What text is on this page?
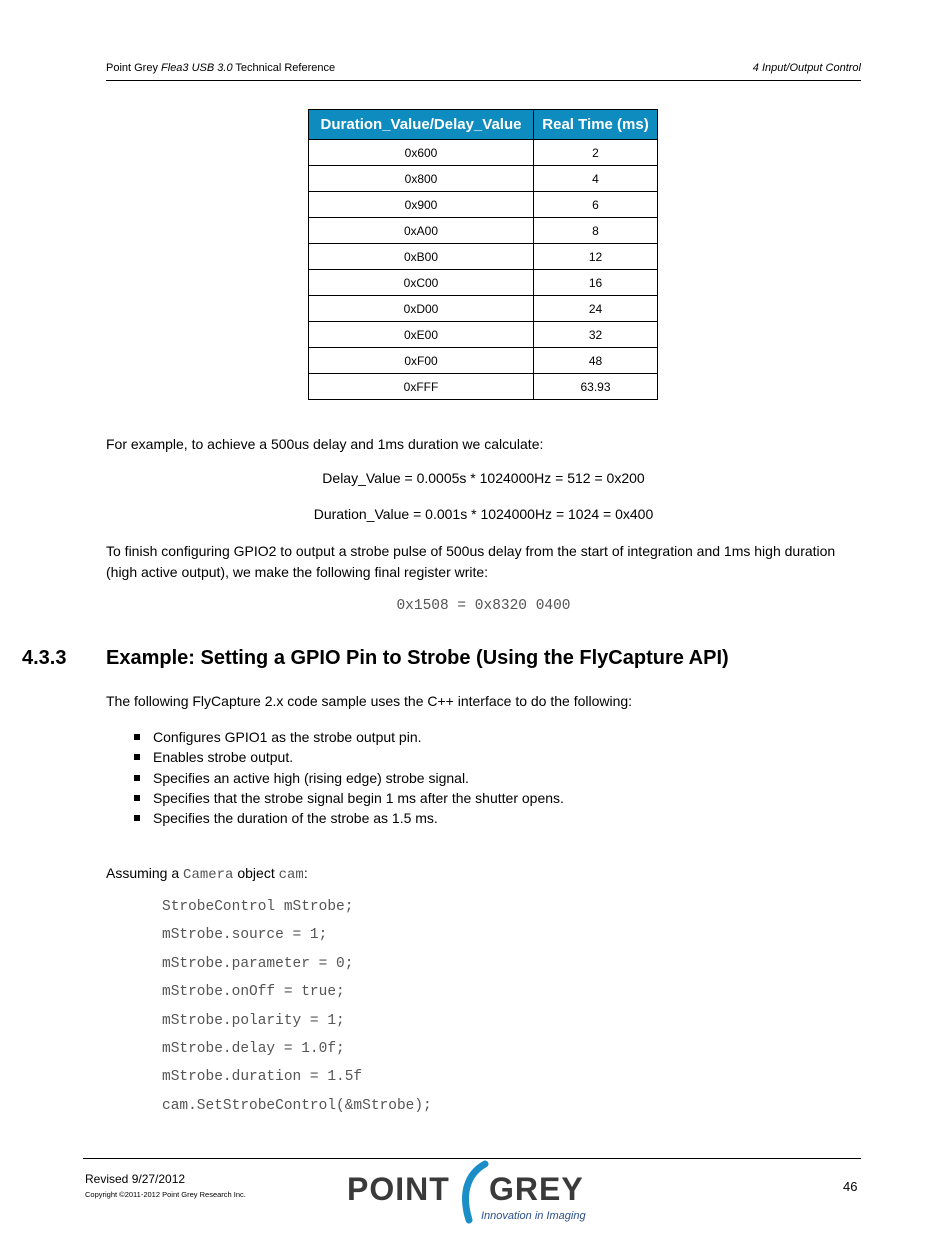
Point Grey Flea3 USB 3.0 Technical Reference	4 Input/Output Control
Duration_Value/Delay_Value	Real Time (ms)
0x600	2
0x800	4
0x900	6
0xA00	8
0xB00	12
0xC00	16
0xD00	24
0xE00	32
0xF00	48
0xFFF	63.93
For example, to achieve a 500us delay and 1ms duration we calculate:
Delay_Value = 0.0005s * 1024000Hz = 512 = 0x200
Duration_Value = 0.001s * 1024000Hz = 1024 = 0x400
To finish configuring GPIO2 to output a strobe pulse of 500us delay from the start of integration and 1ms high duration
(high active output), we make the following final register write:
0x1508 = 0x8320 0400
4.3.3 Example: Setting a GPIO Pin to Strobe (Using the FlyCapture API)
The following FlyCapture 2.x code sample uses the C++ interface to do the following:
Configures GPIO1 as the strobe output pin.
Enables strobe output.
Specifies an active high (rising edge) strobe signal.
Specifies that the strobe signal begin 1 ms after the shutter opens.
Specifies the duration of the strobe as 1.5 ms.
Assuming a Camera object cam:
StrobeControl mStrobe;
mStrobe.source = 1;
mStrobe.parameter = 0;
mStrobe.onOff = true;
mStrobe.polarity = 1;
mStrobe.delay = 1.0f;
mStrobe.duration = 1.5f
cam.SetStrobeControl(&mStrobe);
Revised 9/27/2012
Copyright ©2011-2012 Point Grey Research Inc.
46
POINT GREY
Innovation in Imaging
